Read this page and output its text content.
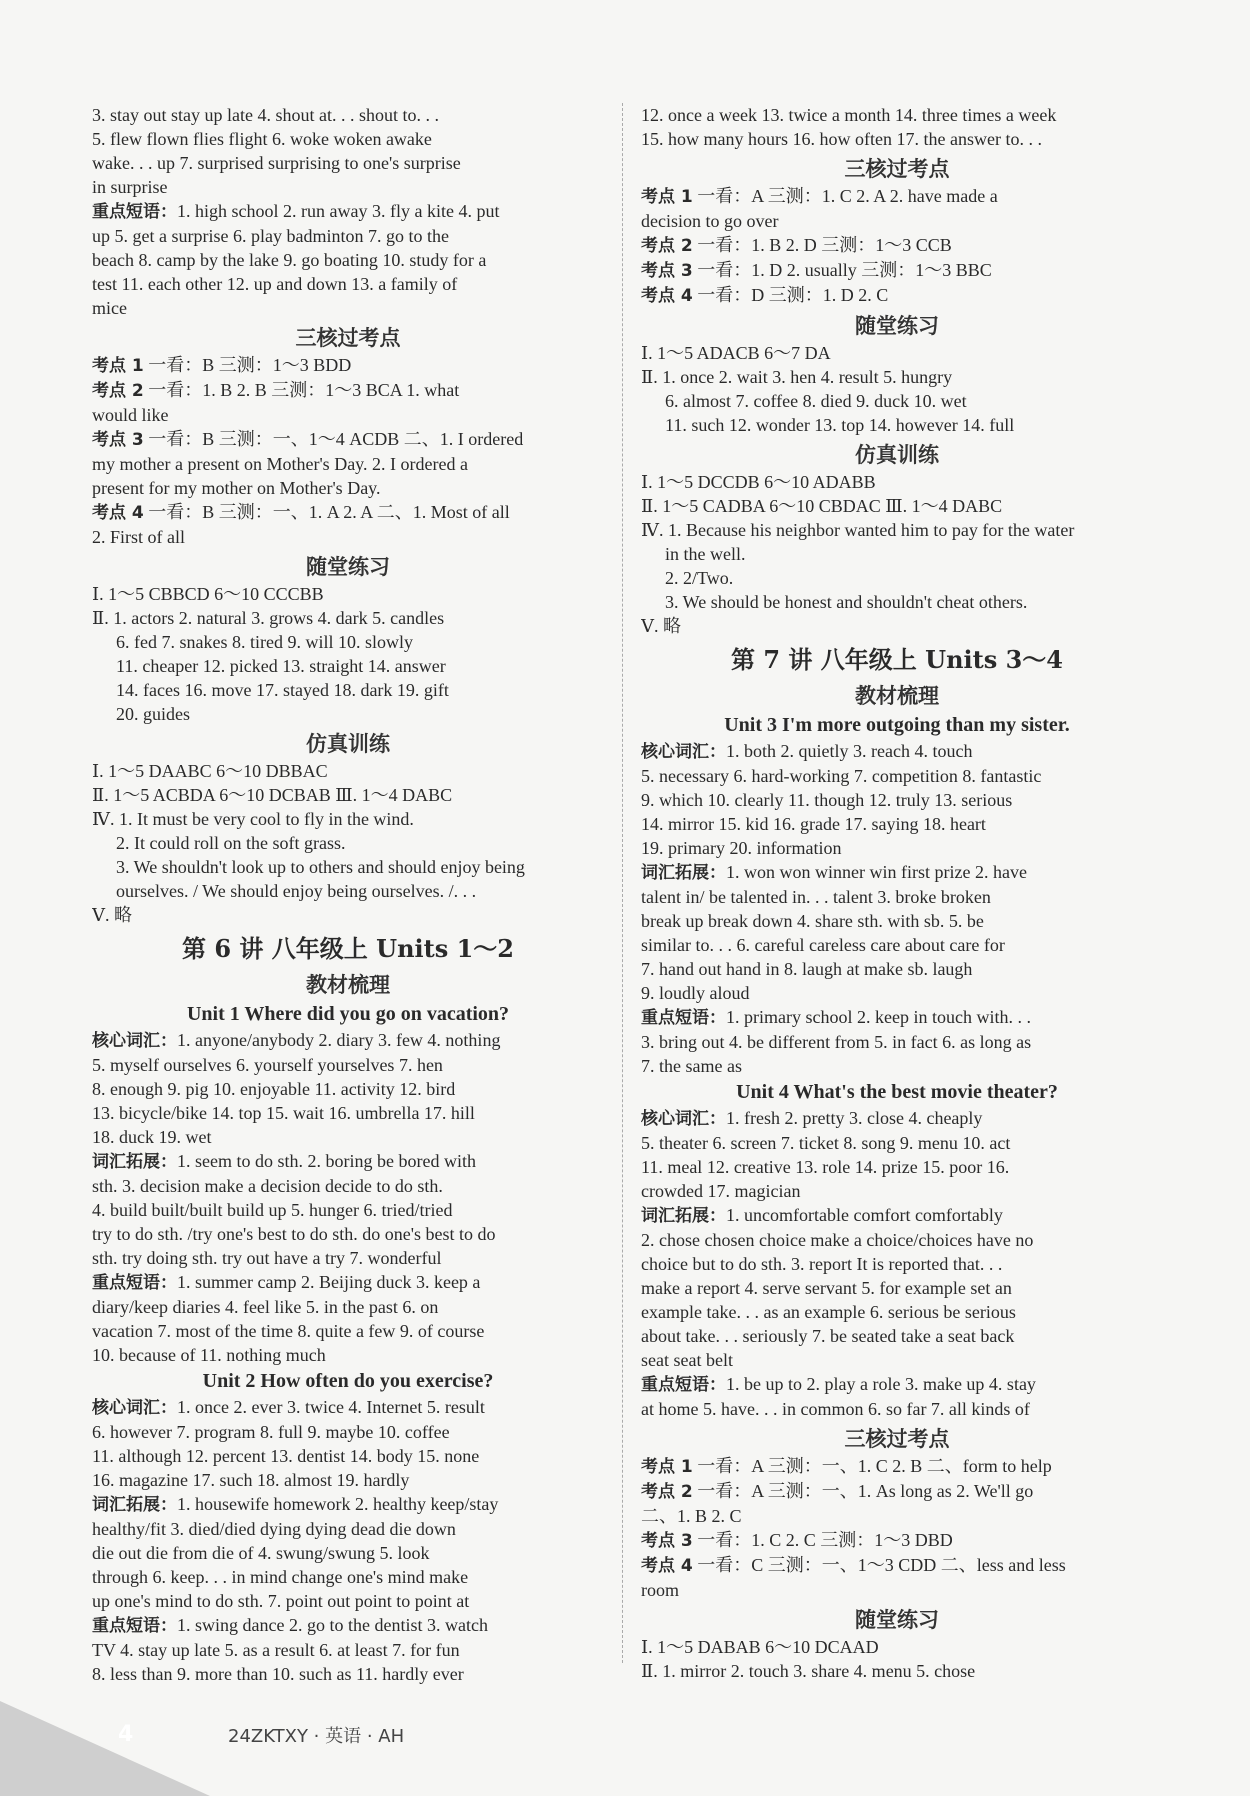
3. stay out stay up late 4. shout at. . . shout to. . .
5. flew flown flies flight 6. woke woken awake
wake. . . up 7. surprised surprising to one's surprise
in surprise
重点短语：1. high school 2. run away 3. fly a kite 4. put
up 5. get a surprise 6. play badminton 7. go to the
beach 8. camp by the lake 9. go boating 10. study for a
test 11. each other 12. up and down 13. a family of
mice
三核过考点
考点 1 一看：B 三测：1～3 BDD
考点 2 一看：1. B 2. B 三测：1～3 BCA 1. what
would like
考点 3 一看：B 三测：一、1～4 ACDB 二、1. I ordered
my mother a present on Mother's Day. 2. I ordered a
present for my mother on Mother's Day.
考点 4 一看：B 三测：一、1. A 2. A 二、1. Most of all
2. First of all
随堂练习
Ⅰ. 1～5 CBBCD 6～10 CCCBB
Ⅱ. 1. actors 2. natural 3. grows 4. dark 5. candles
6. fed 7. snakes 8. tired 9. will 10. slowly
11. cheaper 12. picked 13. straight 14. answer
14. faces 16. move 17. stayed 18. dark 19. gift
20. guides
仿真训练
Ⅰ. 1～5 DAABC 6～10 DBBAC
Ⅱ. 1～5 ACBDA 6～10 DCBAB Ⅲ. 1～4 DABC
Ⅳ. 1. It must be very cool to fly in the wind.
2. It could roll on the soft grass.
3. We shouldn't look up to others and should enjoy being
ourselves. / We should enjoy being ourselves. /. . .
Ⅴ. 略
第 6 讲 八年级上 Units 1～2
教材梳理
Unit 1 Where did you go on vacation?
核心词汇：1. anyone/anybody 2. diary 3. few 4. nothing
5. myself ourselves 6. yourself yourselves 7. hen
8. enough 9. pig 10. enjoyable 11. activity 12. bird
13. bicycle/bike 14. top 15. wait 16. umbrella 17. hill
18. duck 19. wet
词汇拓展：1. seem to do sth. 2. boring be bored with
sth. 3. decision make a decision decide to do sth.
4. build built/built build up 5. hunger 6. tried/tried
try to do sth. /try one's best to do sth. do one's best to do
sth. try doing sth. try out have a try 7. wonderful
重点短语：1. summer camp 2. Beijing duck 3. keep a
diary/keep diaries 4. feel like 5. in the past 6. on
vacation 7. most of the time 8. quite a few 9. of course
10. because of 11. nothing much
Unit 2 How often do you exercise?
核心词汇：1. once 2. ever 3. twice 4. Internet 5. result
6. however 7. program 8. full 9. maybe 10. coffee
11. although 12. percent 13. dentist 14. body 15. none
16. magazine 17. such 18. almost 19. hardly
词汇拓展：1. housewife homework 2. healthy keep/stay
healthy/fit 3. died/died dying dying dead die down
die out die from die of 4. swung/swung 5. look
through 6. keep. . . in mind change one's mind make
up one's mind to do sth. 7. point out point to point at
重点短语：1. swing dance 2. go to the dentist 3. watch
TV 4. stay up late 5. as a result 6. at least 7. for fun
8. less than 9. more than 10. such as 11. hardly ever
12. once a week 13. twice a month 14. three times a week
15. how many hours 16. how often 17. the answer to. . .
三核过考点
考点 1 一看：A 三测：1. C 2. A 2. have made a
decision to go over
考点 2 一看：1. B 2. D 三测：1～3 CCB
考点 3 一看：1. D 2. usually 三测：1～3 BBC
考点 4 一看：D 三测：1. D 2. C
随堂练习
Ⅰ. 1～5 ADACB 6～7 DA
Ⅱ. 1. once 2. wait 3. hen 4. result 5. hungry
6. almost 7. coffee 8. died 9. duck 10. wet
11. such 12. wonder 13. top 14. however 14. full
仿真训练
Ⅰ. 1～5 DCCDB 6～10 ADABB
Ⅱ. 1～5 CADBA 6～10 CBDAC Ⅲ. 1～4 DABC
Ⅳ. 1. Because his neighbor wanted him to pay for the water
in the well.
2. 2/Two.
3. We should be honest and shouldn't cheat others.
Ⅴ. 略
第 7 讲 八年级上 Units 3～4
教材梳理
Unit 3 I'm more outgoing than my sister.
核心词汇：1. both 2. quietly 3. reach 4. touch
5. necessary 6. hard-working 7. competition 8. fantastic
9. which 10. clearly 11. though 12. truly 13. serious
14. mirror 15. kid 16. grade 17. saying 18. heart
19. primary 20. information
词汇拓展：1. won won winner win first prize 2. have
talent in/ be talented in. . . talent 3. broke broken
break up break down 4. share sth. with sb. 5. be
similar to. . . 6. careful careless care about care for
7. hand out hand in 8. laugh at make sb. laugh
9. loudly aloud
重点短语：1. primary school 2. keep in touch with. . .
3. bring out 4. be different from 5. in fact 6. as long as
7. the same as
Unit 4 What's the best movie theater?
核心词汇：1. fresh 2. pretty 3. close 4. cheaply
5. theater 6. screen 7. ticket 8. song 9. menu 10. act
11. meal 12. creative 13. role 14. prize 15. poor 16.
crowded 17. magician
词汇拓展：1. uncomfortable comfort comfortably
2. chose chosen choice make a choice/choices have no
choice but to do sth. 3. report It is reported that. . .
make a report 4. serve servant 5. for example set an
example take. . . as an example 6. serious be serious
about take. . . seriously 7. be seated take a seat back
seat seat belt
重点短语：1. be up to 2. play a role 3. make up 4. stay
at home 5. have. . . in common 6. so far 7. all kinds of
三核过考点
考点 1 一看：A 三测：一、1. C 2. B 二、form to help
考点 2 一看：A 三测：一、1. As long as 2. We'll go
二、1. B 2. C
考点 3 一看：1. C 2. C 三测：1～3 DBD
考点 4 一看：C 三测：一、1～3 CDD 二、less and less
room
随堂练习
Ⅰ. 1～5 DABAB 6～10 DCAAD
Ⅱ. 1. mirror 2. touch 3. share 4. menu 5. chose
4	24ZKTXY · 英语 · AH
